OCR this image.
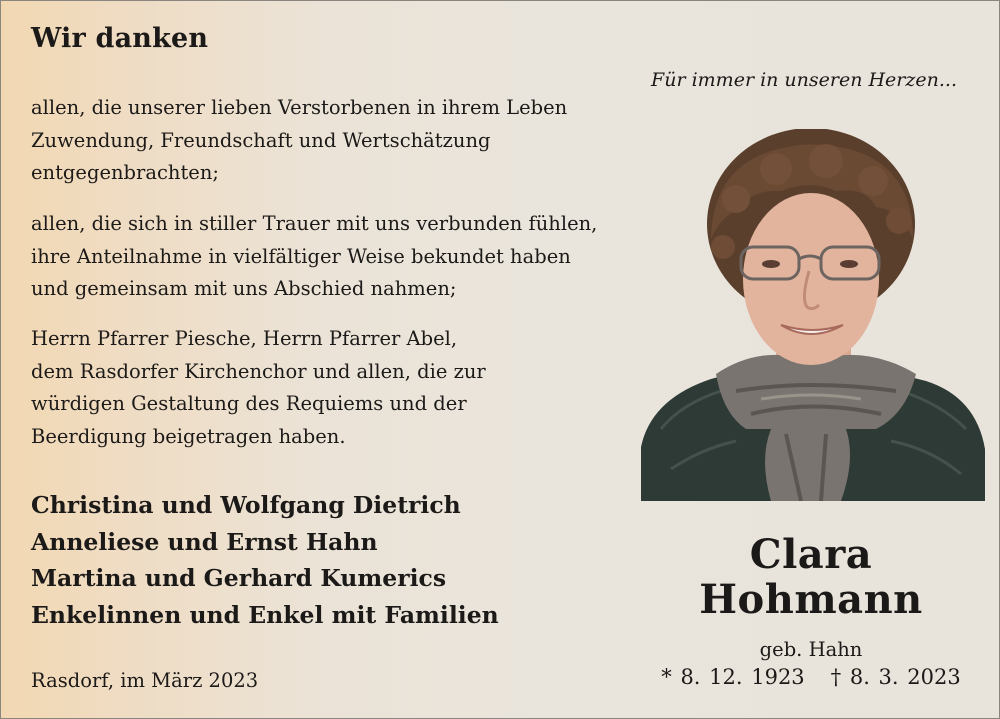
Wir danken

allen, die unserer lieben Verstorbenen in ihrem Leben
Zuwendung, Freundschaft und Wertschätzung
entgegenbrachten;

allen, die sich in stiller Trauer mit uns verbunden fühlen,
ihre Anteilnahme in vielfältiger Weise bekundet haben
und gemeinsam mit uns Abschied nahmen;

Herrn Pfarrer Piesche, Herrn Pfarrer Abel,
dem Rasdorfer Kirchenchor und allen, die zur
würdigen Gestaltung des Requiems und der
Beerdigung beigetragen haben.

Christina und Wolfgang Dietrich
Anneliese und Ernst Hahn
Martina und Gerhard Kumerics
Enkelinnen und Enkel mit Familien
Rasdorf, im März 2023
Für immer in unseren Herzen...
Clara
Hohmann
geb. Hahn
* 8. 12. 1923 † 8. 3. 2023
